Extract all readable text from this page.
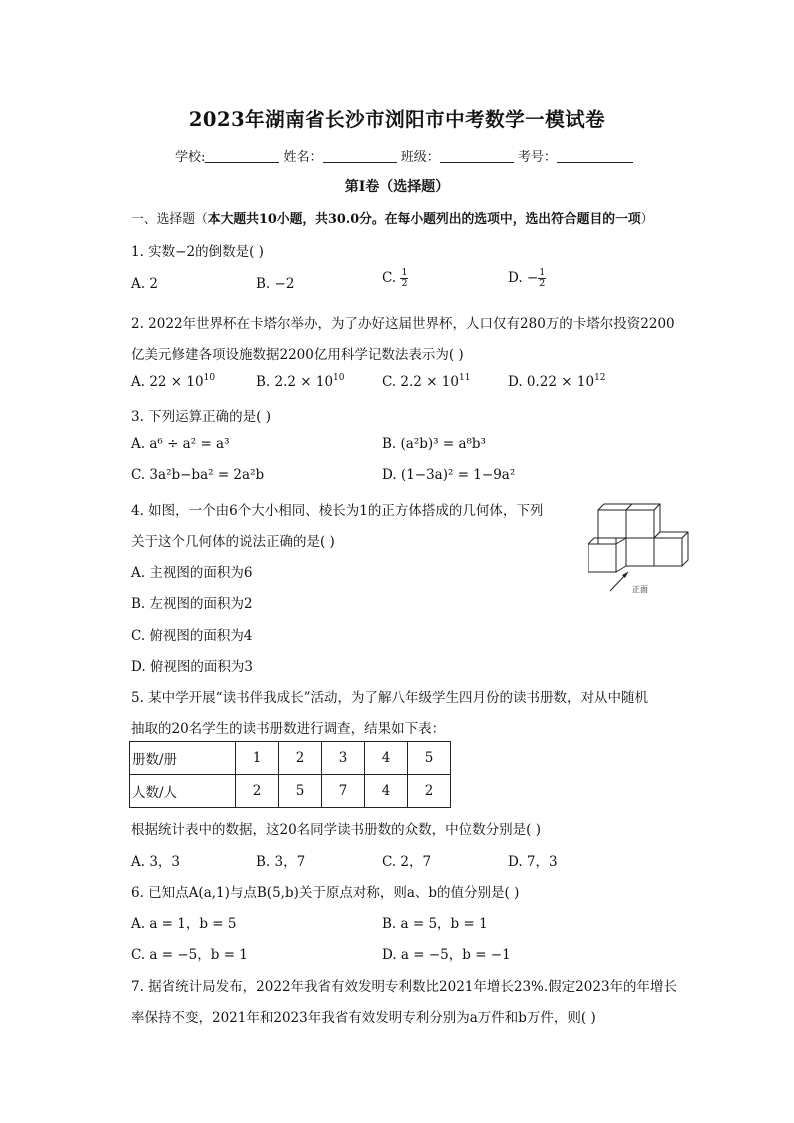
2023年湖南省长沙市浏阳市中考数学一模试卷
学校:	姓名：	班级：	考号：
第Ⅰ卷（选择题）
一、选择题（本大题共10小题，共30.0分。在每小题列出的选项中，选出符合题目的一项）
1. 实数−2的倒数是( )
A. 2	B. −2	C. $\frac{1}{2}$	D. − $\frac{1}{2}$
2. 2022年世界杯在卡塔尔举办，为了办好这届世界杯，人口仅有280万的卡塔尔投资2200
亿美元修建各项设施数据2200亿用科学记数法表示为( )
A. $22 \times 10^{10}$	B. $2.2 \times 10^{10}$	C. $2.2 \times 10^{11}$	D. $0.22 \times 10^{12}$
3. 下列运算正确的是( )
A. a⁶ ÷ a² = a³	B. (a²b)³ = a⁸b³
C. 3a²b−ba² = 2a²b	D. (1−3a)² = 1−9a²
4. 如图，一个由6个大小相同、棱长为1的正方体搭成的几何体，下列
关于这个几何体的说法正确的是( )
A. 主视图的面积为6
B. 左视图的面积为2
C. 俯视图的面积为4
D. 俯视图的面积为3
正面
5. 某中学开展“读书伴我成长”活动，为了解八年级学生四月份的读书册数，对从中随机
抽取的20名学生的读书册数进行调查，结果如下表：
册数/册	1	2	3	4	5
人数/人	2	5	7	4	2
根据统计表中的数据，这20名同学读书册数的众数，中位数分别是( )
A. 3，3	B. 3，7	C. 2，7	D. 7，3
6. 已知点A(a,1)与点B(5,b)关于原点对称，则a、b的值分别是( )
A. a = 1，b = 5	B. a = 5，b = 1
C. a = −5，b = 1	D. a = −5，b = −1
7. 据省统计局发布，2022年我省有效发明专利数比2021年增长23%.假定2023年的年增长
率保持不变，2021年和2023年我省有效发明专利分别为a万件和b万件，则( )
